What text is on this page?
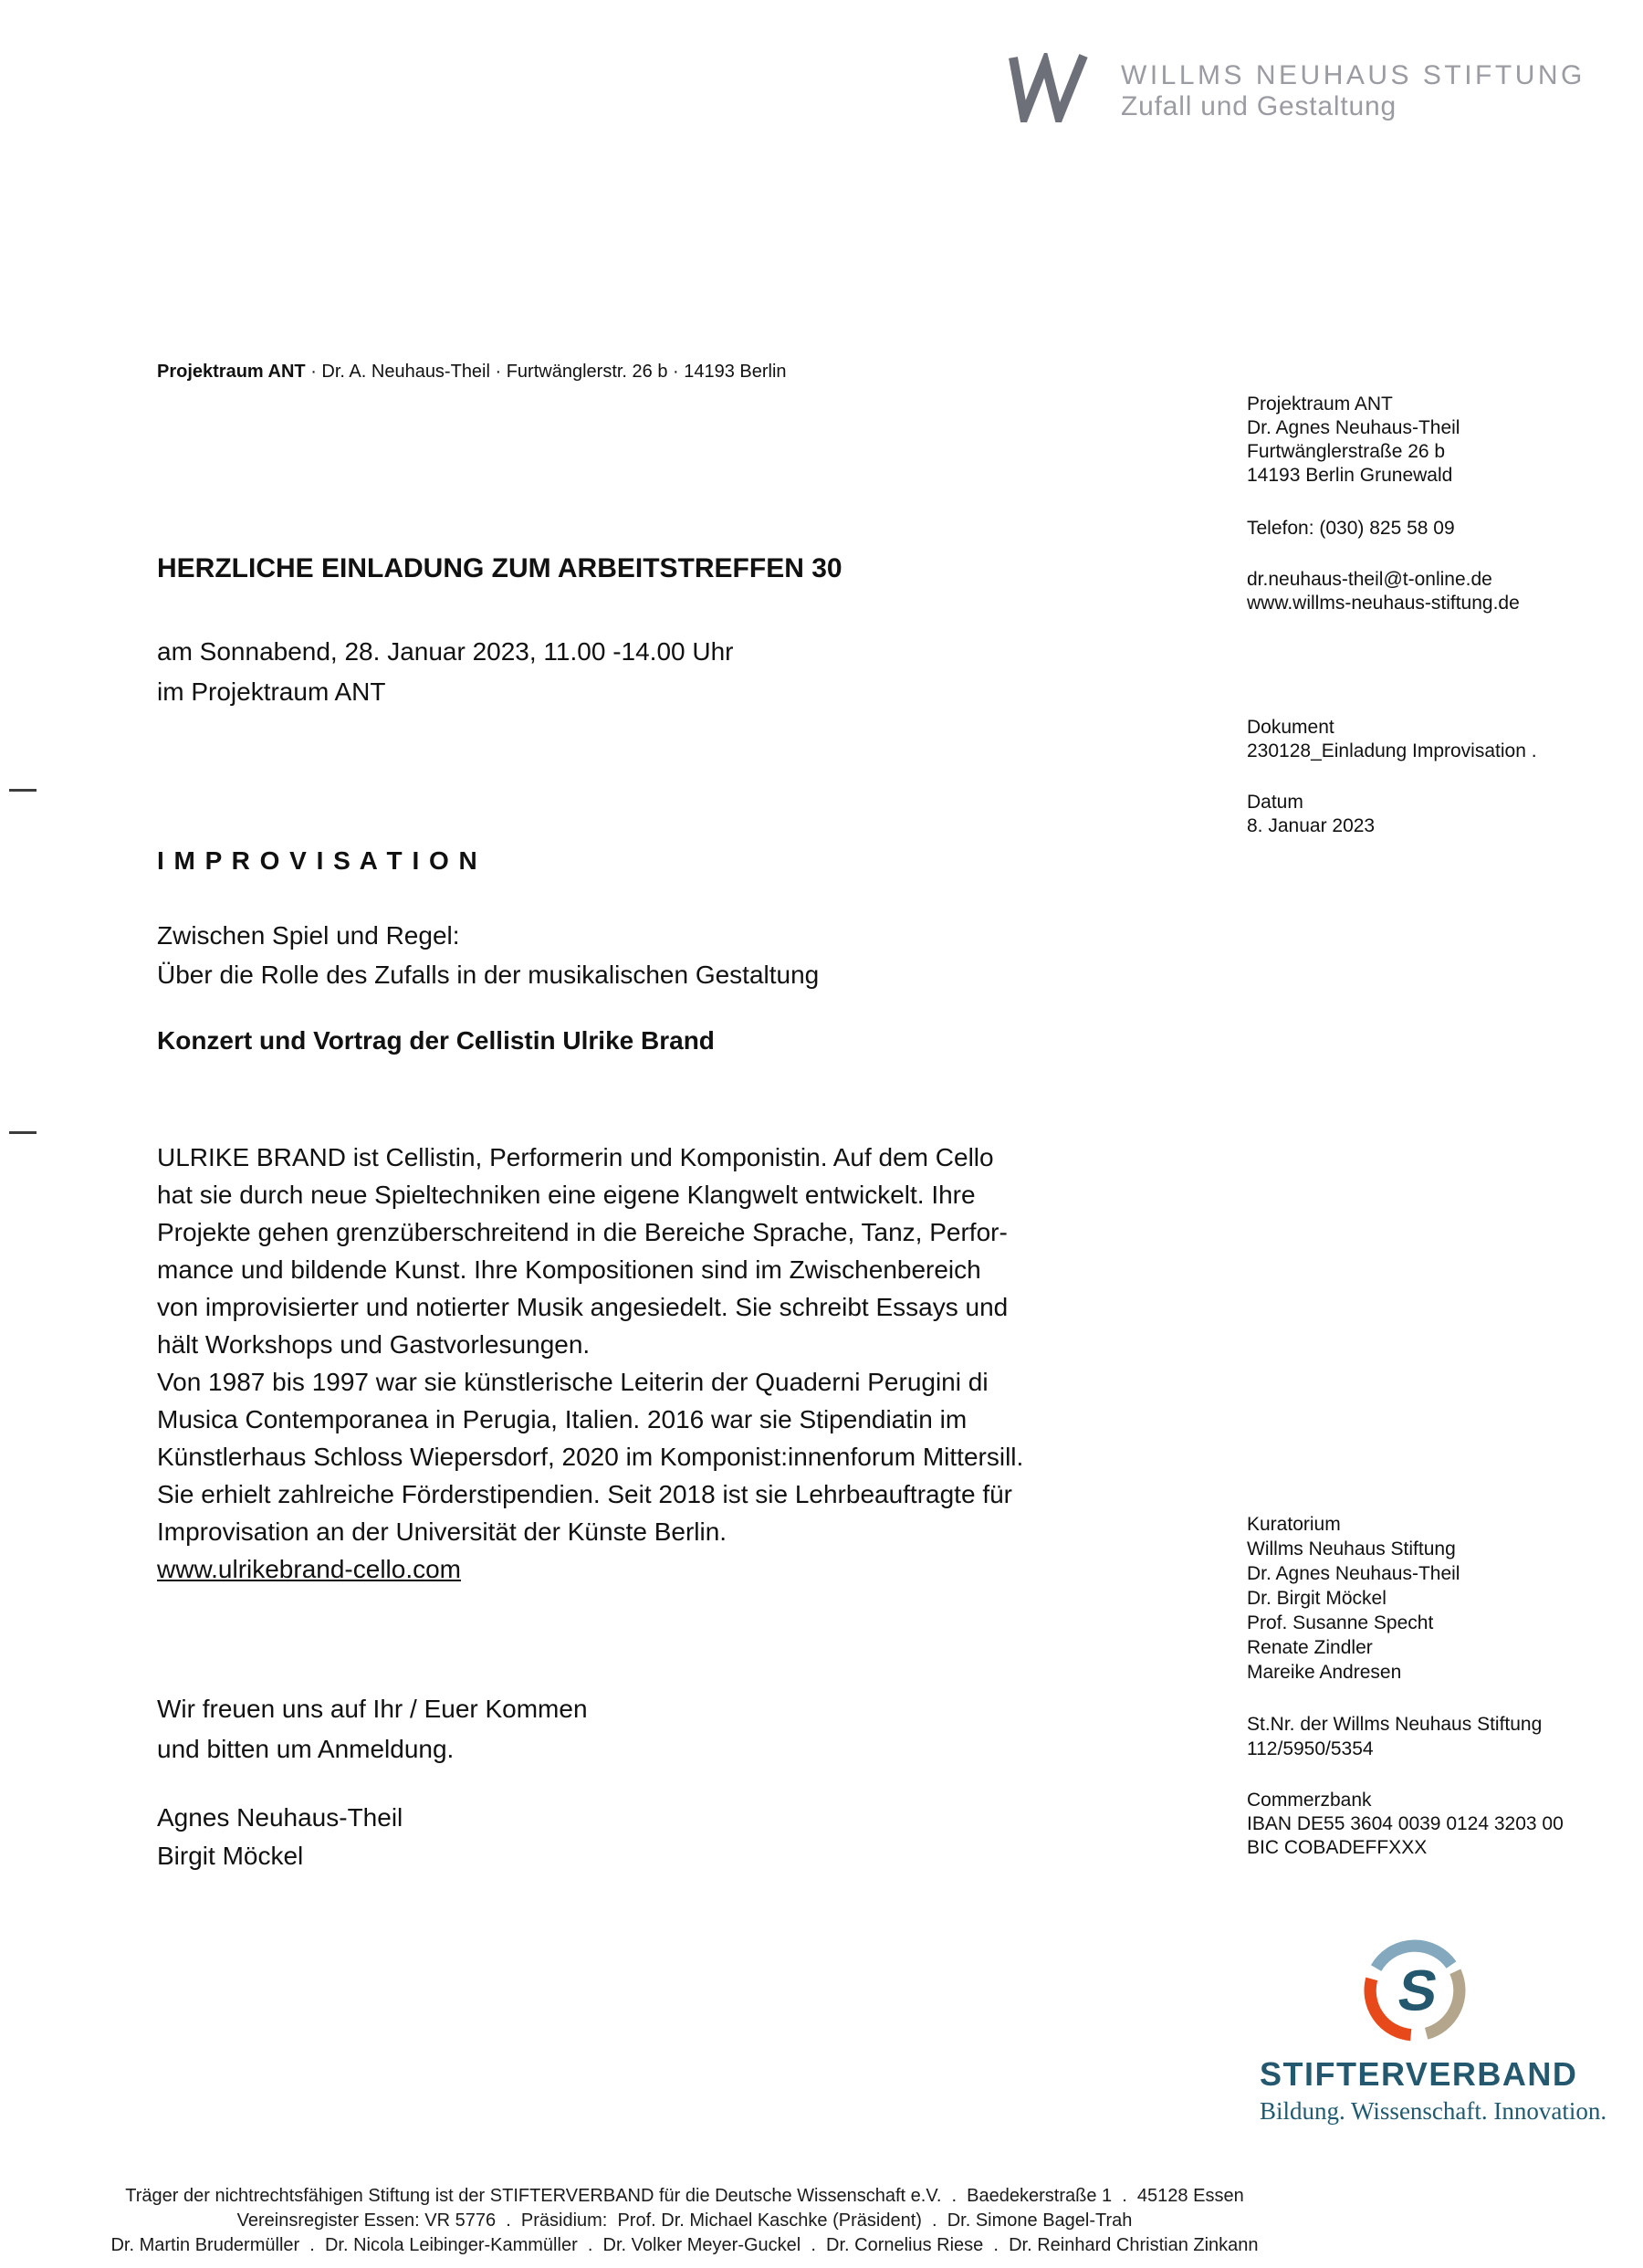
WILLMS NEUHAUS STIFTUNG
Zufall und Gestaltung
Projektraum ANT · Dr. A. Neuhaus-Theil · Furtwänglerstr. 26 b · 14193 Berlin
Projektraum ANT
Dr. Agnes Neuhaus-Theil
Furtwänglerstraße 26 b
14193 Berlin Grunewald
Telefon: (030) 825 58 09
dr.neuhaus-theil@t-online.de
www.willms-neuhaus-stiftung.de
Dokument
230128_Einladung Improvisation .
Datum
8. Januar 2023
Kuratorium
Willms Neuhaus Stiftung
Dr. Agnes Neuhaus-Theil
Dr. Birgit Möckel
Prof. Susanne Specht
Renate Zindler
Mareike Andresen
St.Nr. der Willms Neuhaus Stiftung
112/5950/5354
Commerzbank
IBAN DE55 3604 0039 0124 3203 00
BIC COBADEFFXXX
HERZLICHE EINLADUNG ZUM ARBEITSTREFFEN 30
am Sonnabend, 28. Januar 2023, 11.00 -14.00 Uhr
im Projektraum ANT
I M P R O V I S A T I O N
Zwischen Spiel und Regel:
Über die Rolle des Zufalls in der musikalischen Gestaltung
Konzert und Vortrag der Cellistin Ulrike Brand
ULRIKE BRAND ist Cellistin, Performerin und Komponistin. Auf dem Cello
hat sie durch neue Spieltechniken eine eigene Klangwelt entwickelt. Ihre
Projekte gehen grenzüberschreitend in die Bereiche Sprache, Tanz, Perfor-
mance und bildende Kunst. Ihre Kompositionen sind im Zwischenbereich
von improvisierter und notierter Musik angesiedelt. Sie schreibt Essays und
hält Workshops und Gastvorlesungen.
Von 1987 bis 1997 war sie künstlerische Leiterin der Quaderni Perugini di
Musica Contemporanea in Perugia, Italien. 2016 war sie Stipendiatin im
Künstlerhaus Schloss Wiepersdorf, 2020 im Komponist:innenforum Mittersill.
Sie erhielt zahlreiche Förderstipendien. Seit 2018 ist sie Lehrbeauftragte für
Improvisation an der Universität der Künste Berlin.
www.ulrikebrand-cello.com
Wir freuen uns auf Ihr / Euer Kommen
und bitten um Anmeldung.
Agnes Neuhaus-Theil
Birgit Möckel
S
STIFTERVERBAND
Bildung. Wissenschaft. Innovation.
Träger der nichtrechtsfähigen Stiftung ist der STIFTERVERBAND für die Deutsche Wissenschaft e.V.  .  Baedekerstraße 1  .  45128 Essen
Vereinsregister Essen: VR 5776  .  Präsidium:  Prof. Dr. Michael Kaschke (Präsident)  .  Dr. Simone Bagel-Trah
Dr. Martin Brudermüller  .  Dr. Nicola Leibinger-Kammüller  .  Dr. Volker Meyer-Guckel  .  Dr. Cornelius Riese  .  Dr. Reinhard Christian Zinkann
